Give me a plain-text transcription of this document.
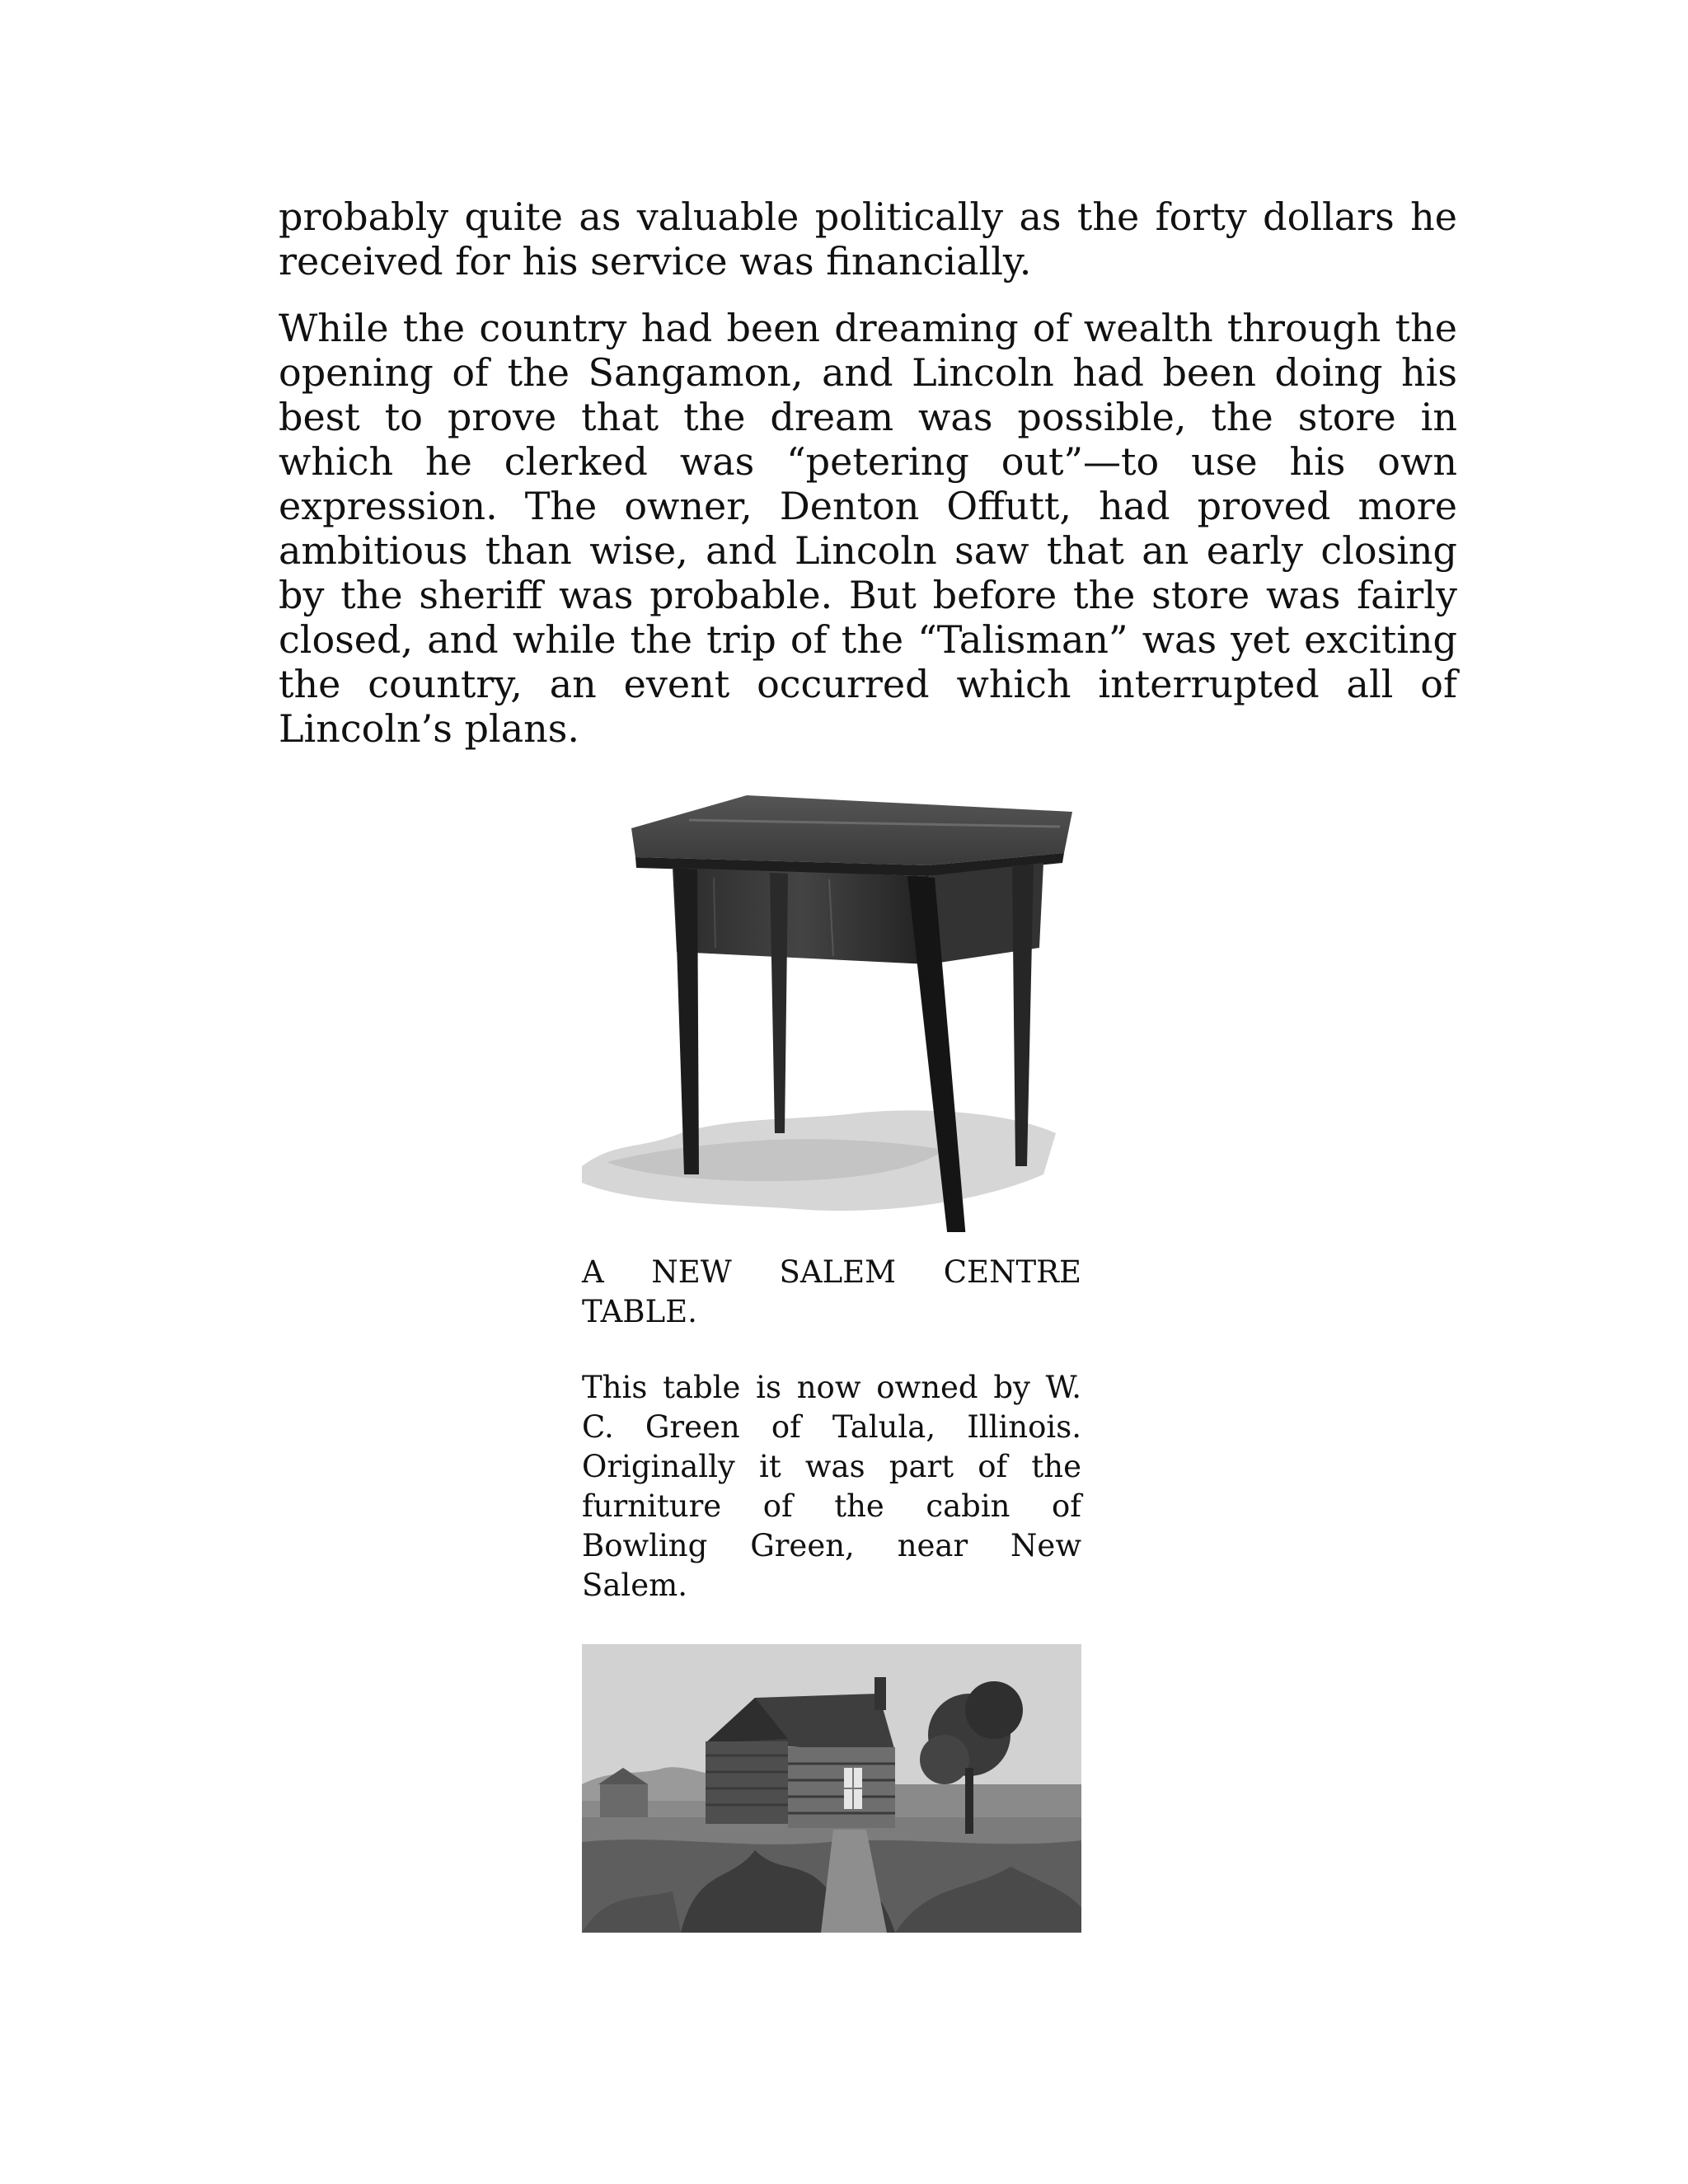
probably quite as valuable politically as the forty dollars he received for his service was financially.

While the country had been dreaming of wealth through the opening of the Sangamon, and Lincoln had been doing his best to prove that the dream was possible, the store in which he clerked was “petering out”—to use his own expression. The owner, Denton Offutt, had proved more ambitious than wise, and Lincoln saw that an early closing by the sheriff was probable. But before the store was fairly closed, and while the trip of the “Talisman” was yet exciting the country, an event occurred which interrupted all of Lincoln’s plans.

A NEW SALEM CENTRE TABLE.

This table is now owned by W. C. Green of Talula, Illinois. Originally it was part of the furniture of the cabin of Bowling Green, near New Salem.
